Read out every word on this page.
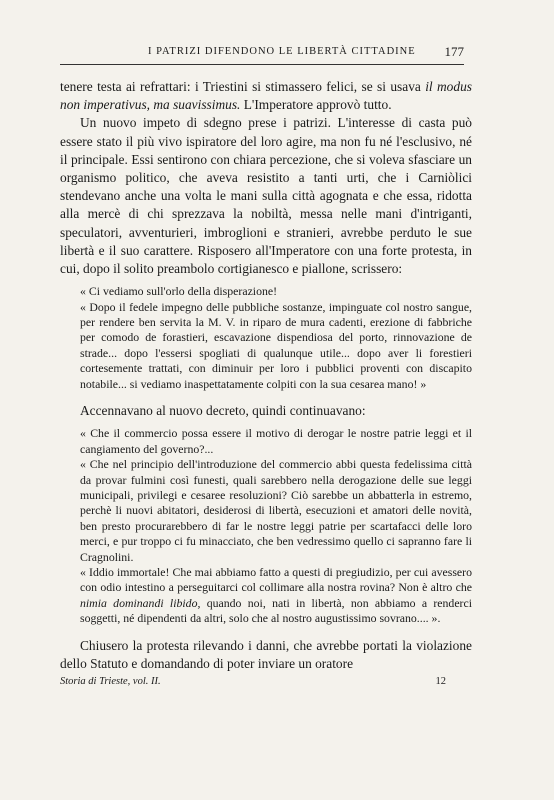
I PATRIZI DIFENDONO LE LIBERTÀ CITTADINE 177

tenere testa ai refrattari: i Triestini si stimassero felici, se si usava il modus non imperativus, ma suavissimus. L'Imperatore approvò tutto.

Un nuovo impeto di sdegno prese i patrizi. L'interesse di casta può essere stato il più vivo ispiratore del loro agire, ma non fu né l'esclusivo, né il principale. Essi sentirono con chiara percezione, che si voleva sfasciare un organismo politico, che aveva resistito a tanti urti, che i Carniòlici stendevano anche una volta le mani sulla città agognata e che essa, ridotta alla mercè di chi sprezzava la nobiltà, messa nelle mani d'intriganti, speculatori, avventurieri, imbroglioni e stranieri, avrebbe perduto le sue libertà e il suo carattere. Risposero all'Imperatore con una forte protesta, in cui, dopo il solito preambolo cortigianesco e piallone, scrissero:

« Ci vediamo sull'orlo della disperazione!

« Dopo il fedele impegno delle pubbliche sostanze, impinguate col nostro sangue, per rendere ben servita la M. V. in riparo de mura cadenti, erezione di fabbriche per comodo de forastieri, escavazione dispendiosa del porto, rinnovazione de strade... dopo l'essersi spogliati di qualunque utile... dopo aver li forestieri cortesemente trattati, con diminuir per loro i pubblici proventi con discapito notabile... si vediamo inaspettatamente colpiti con la sua cesarea mano! »

Accennavano al nuovo decreto, quindi continuavano:

« Che il commercio possa essere il motivo di derogar le nostre patrie leggi et il cangiamento del governo?...

« Che nel principio dell'introduzione del commercio abbi questa fedelissima città da provar fulmini così funesti, quali sarebbero nella derogazione delle sue leggi municipali, privilegi e cesaree resoluzioni? Ciò sarebbe un abbatterla in estremo, perchè li nuovi abitatori, desiderosi di libertà, esecuzioni et amatori delle novità, ben presto procurarebbero di far le nostre leggi patrie per scartafacci delle loro merci, e pur troppo ci fu minacciato, che ben vedressimo quello ci sapranno fare li Cragnolini.

« Iddio immortale! Che mai abbiamo fatto a questi di pregiudizio, per cui avessero con odio intestino a perseguitarci col collimare alla nostra rovina? Non è altro che nimia dominandi libido, quando noi, nati in libertà, non abbiamo a renderci soggetti, né dipendenti da altri, solo che al nostro augustissimo sovrano.... ».

Chiusero la protesta rilevando i danni, che avrebbe portati la violazione dello Statuto e domandando di poter inviare un oratore

Storia di Trieste, vol. II.	12
